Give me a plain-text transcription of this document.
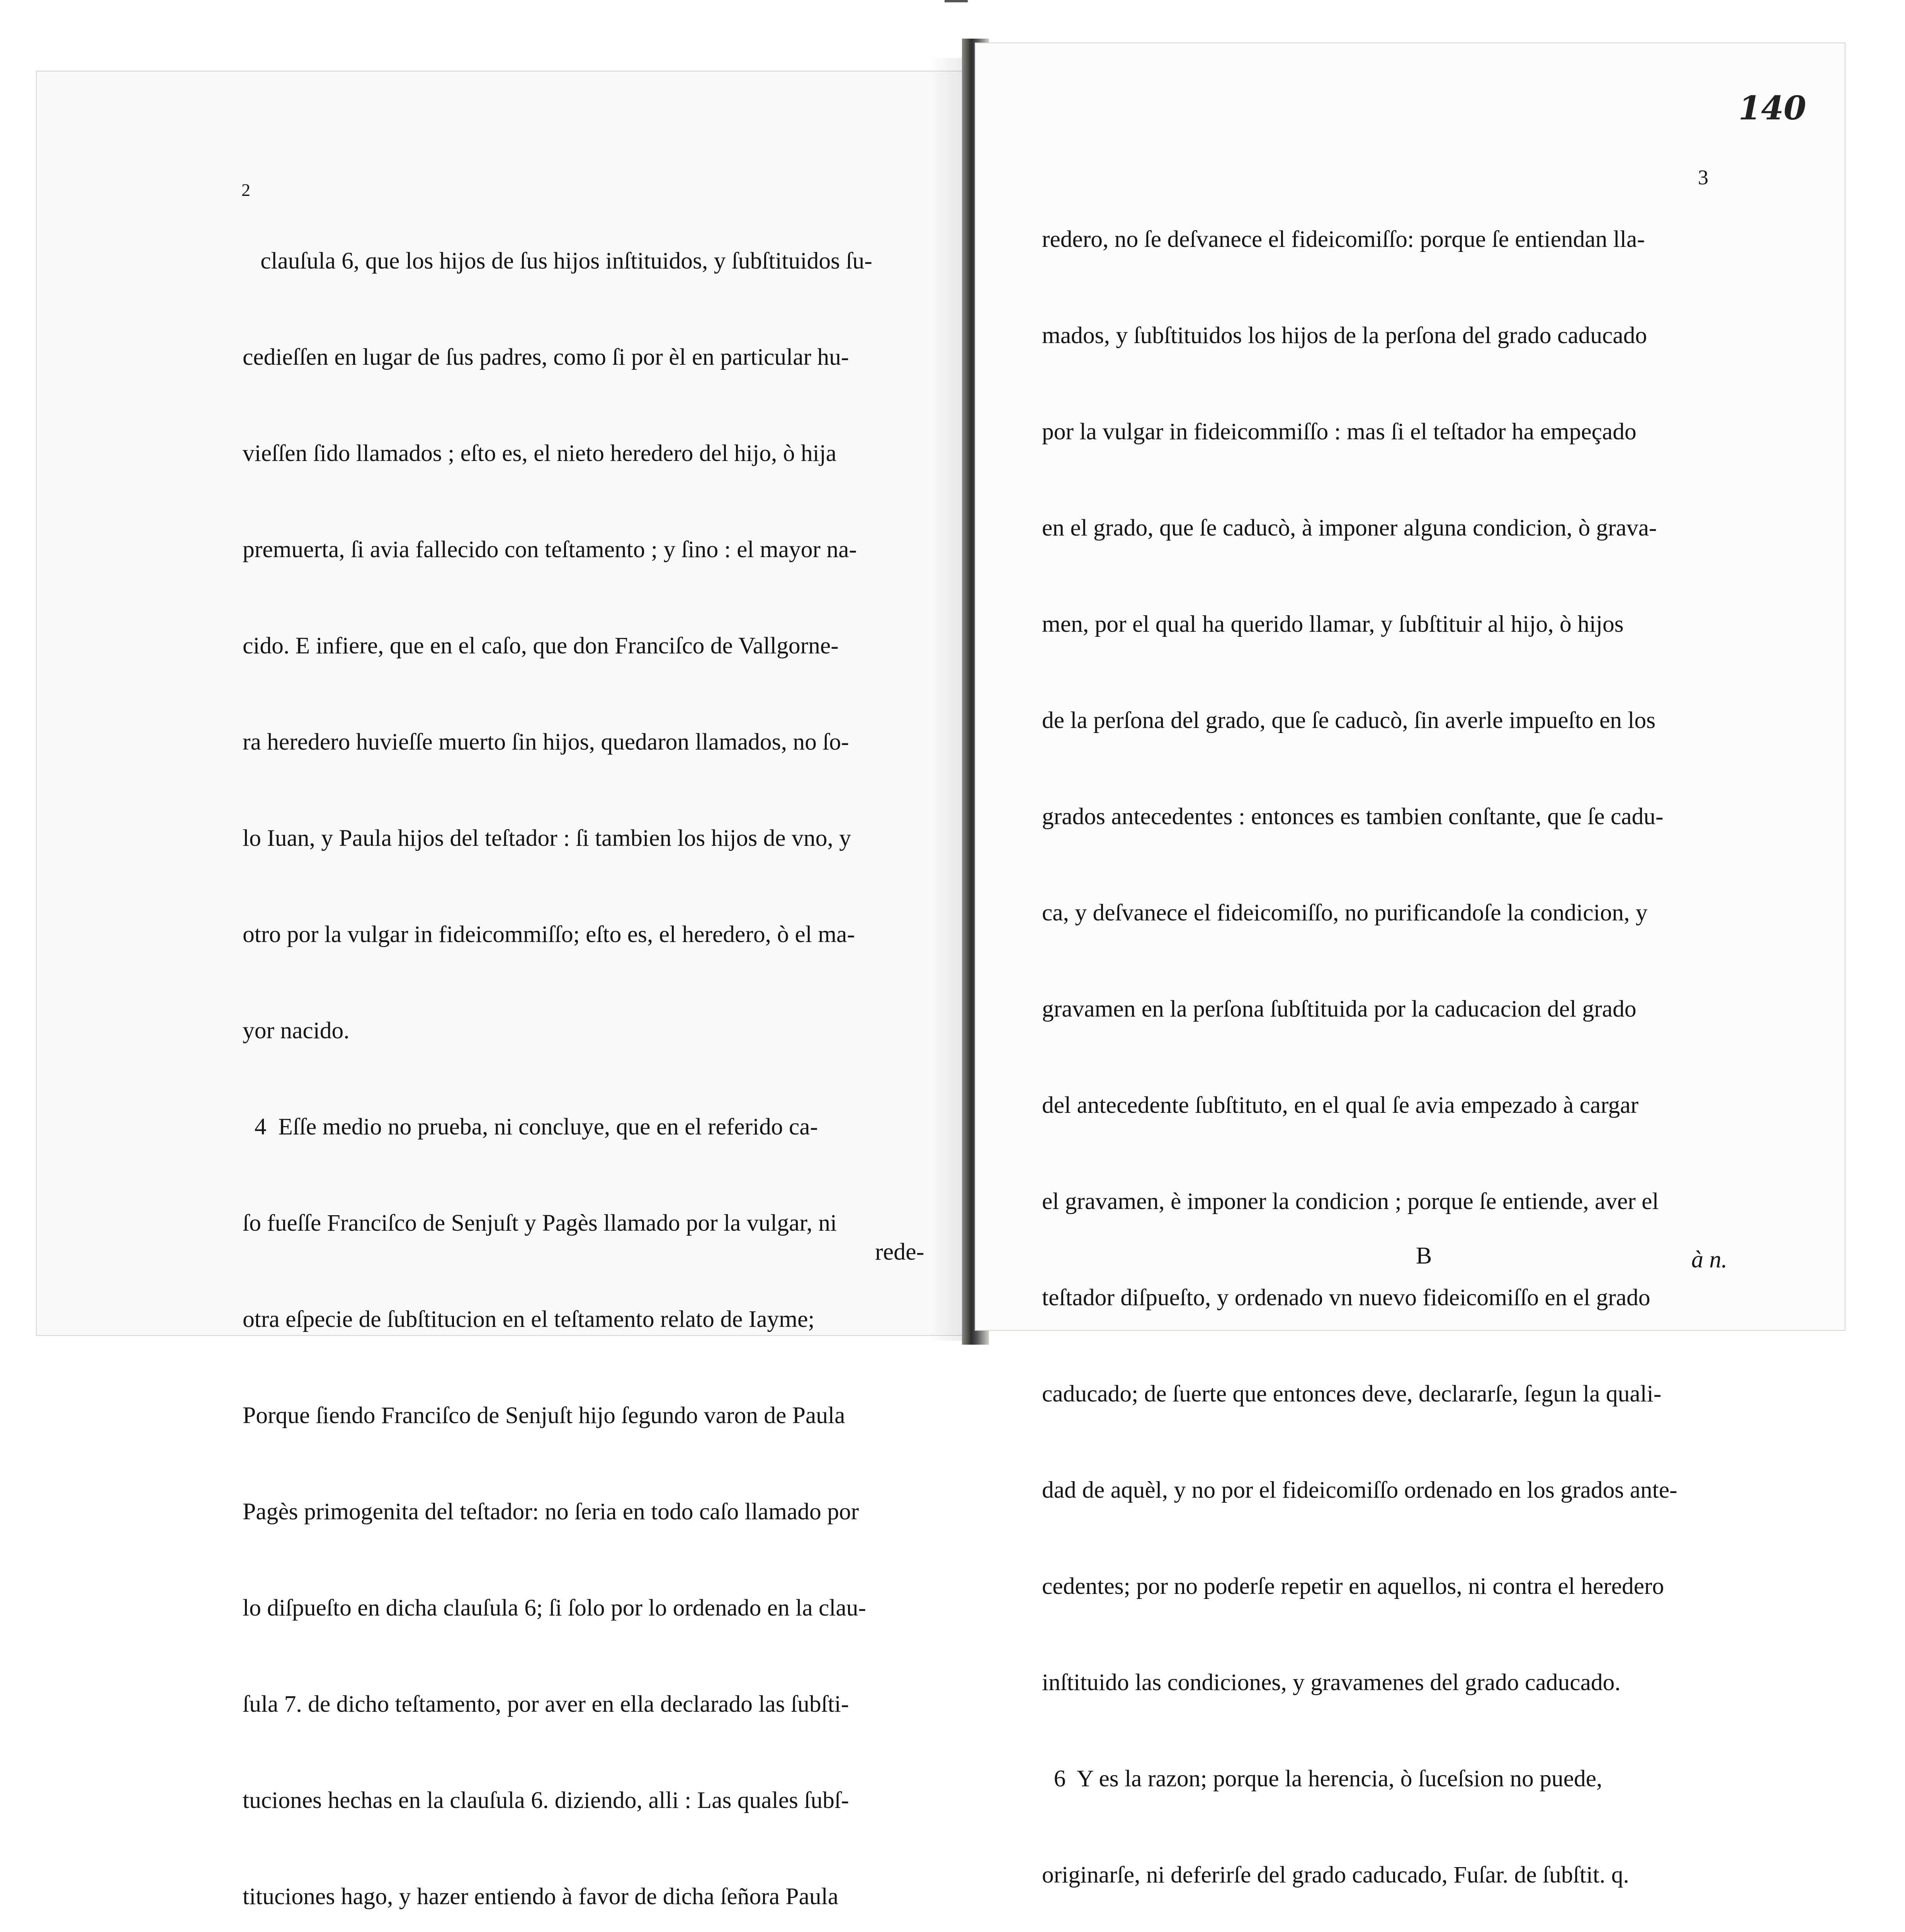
2

clauſula 6, que los hijos de ſus hijos inſtituidos, y ſubſtituidos ſu-

cedieſſen en lugar de ſus padres, como ſi por èl en particular hu-

vieſſen ſido llamados ; eſto es, el nieto heredero del hijo, ò hija

premuerta, ſi avia fallecido con teſtamento ; y ſino : el mayor na-

cido. E infiere, que en el caſo, que don Franciſco de Vallgorne-

ra heredero huvieſſe muerto ſin hijos, quedaron llamados, no ſo-

lo Iuan, y Paula hijos del teſtador : ſi tambien los hijos de vno, y

otro por la vulgar in fideicommiſſo; eſto es, el heredero, ò el ma-

yor nacido.

4  Eſſe medio no prueba, ni concluye, que en el referido ca-

ſo fueſſe Franciſco de Senjuſt y Pagès llamado por la vulgar, ni

otra eſpecie de ſubſtitucion en el teſtamento relato de Iayme;

Porque ſiendo Franciſco de Senjuſt hijo ſegundo varon de Paula

Pagès primogenita del teſtador: no ſeria en todo caſo llamado por

lo diſpueſto en dicha clauſula 6; ſi ſolo por lo ordenado en la clau-

ſula 7. de dicho teſtamento, por aver en ella declarado las ſubſti-

tuciones hechas en la clauſula 6. diziendo, alli : Las quales ſubſ-

tituciones hago, y hazer entiendo à favor de dicha ſeñora Paula

rede-
140
3

redero, no ſe deſvanece el fideicomiſſo: porque ſe entiendan lla-

mados, y ſubſtituidos los hijos de la perſona del grado caducado

por la vulgar in fideicommiſſo : mas ſi el teſtador ha empeçado

en el grado, que ſe caducò, à imponer alguna condicion, ò grava-

men, por el qual ha querido llamar, y ſubſtituir al hijo, ò hijos

de la perſona del grado, que ſe caducò, ſin averle impueſto en los

grados antecedentes : entonces es tambien conſtante, que ſe cadu-

ca, y deſvanece el fideicomiſſo, no purificandoſe la condicion, y

gravamen en la perſona ſubſtituida por la caducacion del grado

del antecedente ſubſtituto, en el qual ſe avia empezado à cargar

el gravamen, è imponer la condicion ; porque ſe entiende, aver el

teſtador diſpueſto, y ordenado vn nuevo fideicomiſſo en el grado

caducado; de ſuerte que entonces deve, declararſe, ſegun la quali-

dad de aquèl, y no por el fideicomiſſo ordenado en los grados ante-

cedentes; por no poderſe repetir en aquellos, ni contra el heredero

inſtituido las condiciones, y gravamenes del grado caducado.

6  Y es la razon; porque la herencia, ò ſuceſsion no puede,

originarſe, ni deferirſe del grado caducado, Fuſar. de ſubſtit. q.

B	à n.
